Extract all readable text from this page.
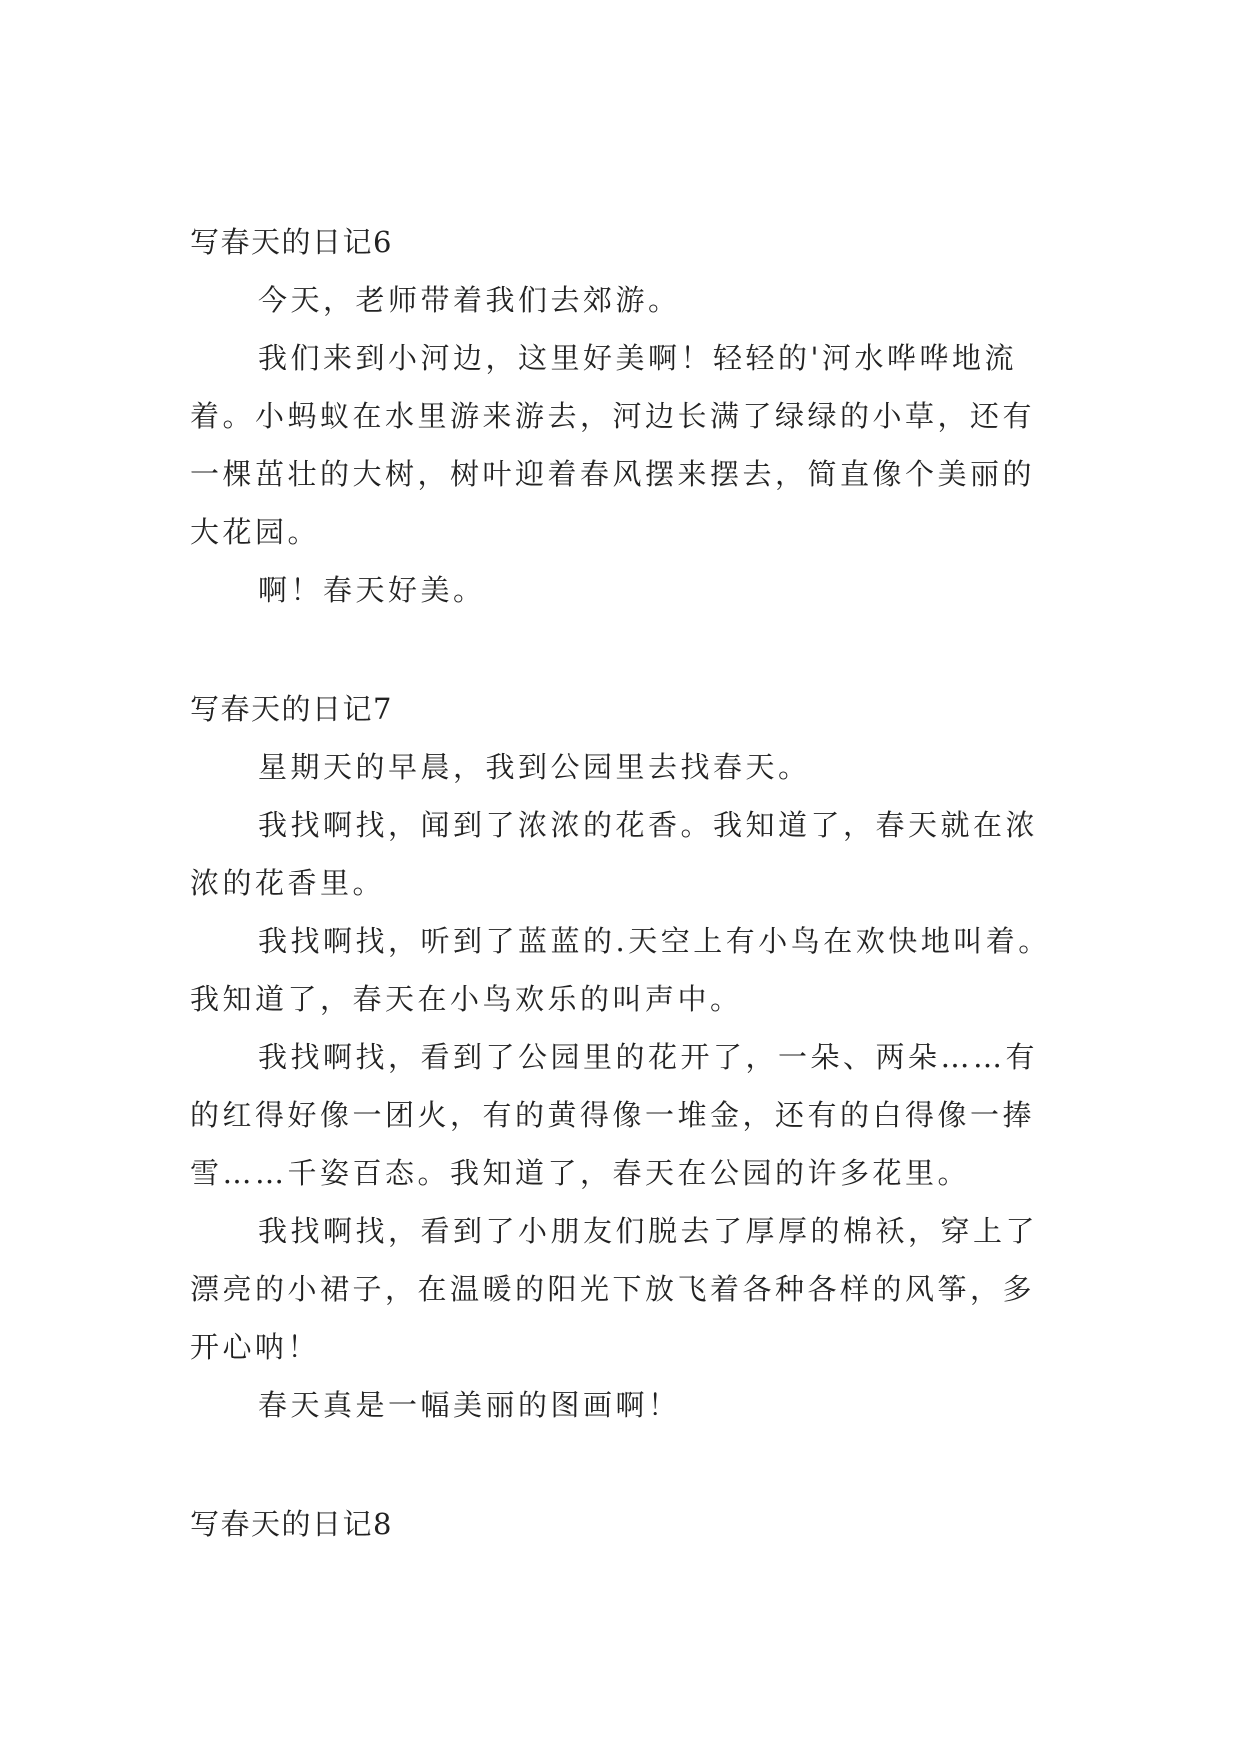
写春天的日记6

今天，老师带着我们去郊游。

我们来到小河边，这里好美啊！轻轻的'河水哗哗地流

着。小蚂蚁在水里游来游去，河边长满了绿绿的小草，还有

一棵茁壮的大树，树叶迎着春风摆来摆去，简直像个美丽的

大花园。

啊！春天好美。

写春天的日记7

星期天的早晨，我到公园里去找春天。

我找啊找，闻到了浓浓的花香。我知道了，春天就在浓

浓的花香里。

我找啊找，听到了蓝蓝的.天空上有小鸟在欢快地叫着。

我知道了，春天在小鸟欢乐的叫声中。

我找啊找，看到了公园里的花开了，一朵、两朵……有

的红得好像一团火，有的黄得像一堆金，还有的白得像一捧

雪……千姿百态。我知道了，春天在公园的许多花里。

我找啊找，看到了小朋友们脱去了厚厚的棉袄，穿上了

漂亮的小裙子，在温暖的阳光下放飞着各种各样的风筝，多

开心呐！

春天真是一幅美丽的图画啊！

写春天的日记8
